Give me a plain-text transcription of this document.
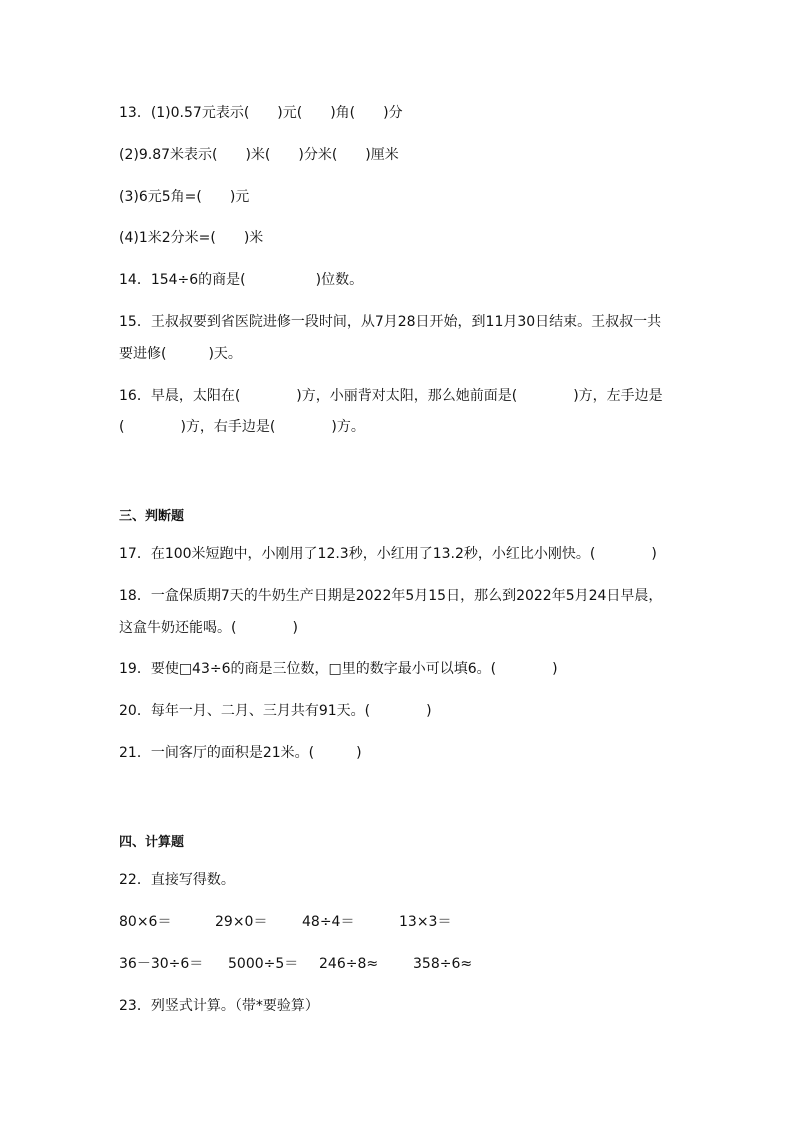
13．(1)0.57元表示(　　)元(　　)角(　　)分
(2)9.87米表示(　　)米(　　)分米(　　)厘米
(3)6元5角=(　　)元
(4)1米2分米=(　　)米
14．154÷6的商是(　　　　　)位数。
15．王叔叔要到省医院进修一段时间，从7月28日开始，到11月30日结束。王叔叔一共
要进修(　　　)天。
16．早晨，太阳在(　　　　)方，小丽背对太阳，那么她前面是(　　　　)方，左手边是
(　　　　)方，右手边是(　　　　)方。
三、判断题
17．在100米短跑中，小刚用了12.3秒，小红用了13.2秒，小红比小刚快。(　　　　)
18．一盒保质期7天的牛奶生产日期是2022年5月15日，那么到2022年5月24日早晨，
这盒牛奶还能喝。(　　　　)
19．要使□43÷6的商是三位数，□里的数字最小可以填6。(　　　　)
20．每年一月、二月、三月共有91天。(　　　　)
21．一间客厅的面积是21米。(　　　)
四、计算题
22．直接写得数。
80×6＝	29×0＝ 48÷4＝	13×3＝
36－30÷6＝ 5000÷5＝ 246÷8≈ 358÷6≈
23．列竖式计算。（带*要验算）
